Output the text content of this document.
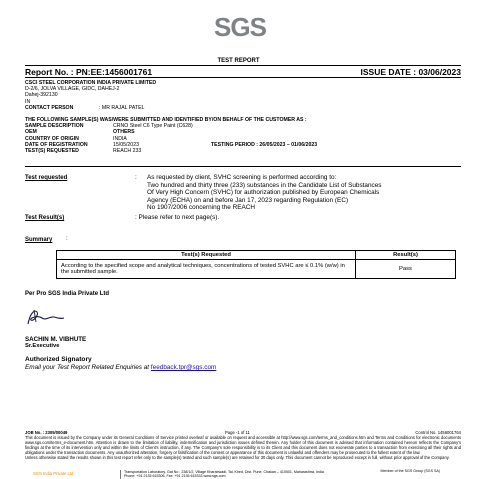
SGS
TEST REPORT
Report No. : PN:EE:1456001761	ISSUE DATE : 03/06/2023
CSCI STEEL CORPORATION INDIA PRIVATE LIMITED
D-2/6, JOLVA VILLAGE, GIDC, DAHEJ-2
Dahej-392130
IN
CONTACT PERSON	: MR RAJAL PATEL
THE FOLLOWING SAMPLE(S) WAS/WERE SUBMITTED AND IDENTIFIED BY/ON BEHALF OF THE CUSTOMER AS :
SAMPLE DESCRIPTION	CRNO Steel C6 Type Paint (C628)
OEM	OTHERS
COUNTRY OF ORIGIN	INDIA
DATE OF REGISTRATION	15/05/2023	TESTING PERIOD : 26/05/2023 – 01/06/2023
TEST(S) REQUESTED	REACH 233
Test requested	: As requested by client, SVHC screening is performed according to:
Two hundred and thirty three (233) substances in the Candidate List of Substances
Of Very High Concern (SVHC) for authorization published by European Chemicals
Agency (ECHA) on and before Jan 17, 2023 regarding Regulation (EC)
No 1907/2006 concerning the REACH
Test Result(s)	: Please refer to next page(s).
Summary :
Test(s) Requested	Result(s)
According to the specified scope and analytical techniques, concentrations of tested SVHC are ≤ 0.1% (w/w) in the submitted sample.	Pass
Per Pro SGS India Private Ltd
SACHIN M. VIBHUTE
Sr.Executive
Authorized Signatory
Email your Test Report Related Enquiries at feedback.tpr@sgs.com
JOB No. : 2305/00049	Page -1 of 11	Control No. 1456001764
This document is issued by the Company under its General Conditions of Service printed overleaf or available on request and accessible at http://www.sgs.com/terms_and_conditions.htm and Terms and Conditions for electronic documents www.sgs.com/terms_e-document.htm. Attention is drawn to the limitation of liability, indemnification and jurisdiction issues defined therein. Any holder of this document is advised that information contained hereon reflects the Company's findings at the time of its intervention only and within the limits of Client's instruction, if any. The Company's sole responsibility is to its Client and this document does not exonerate parties to a transaction from exercising all their rights and obligations under the transaction documents. Any unauthorized alteration, forgery or falsification of the content or appearance of this document is unlawful and offenders may be prosecuted to the fullest extent of the law.
Unless otherwise stated the results shown in this test report refer only to the sample(s) tested and such sample(s) are retained for 30 days only. This document cannot be reproduced except in full, without prior approval of the Company.
SGS India Private Ltd	Transportation Laboratory, Gat No : 238/1/2, Village Kharabwadi, Tal. Khed, Dist. Pune, Chakan – 410501, Maharashtra, India
Phone: +91 2135 615306, Fax: +91 2135 615333 www.sgs.com
Member of the SGS Group (SGS SA)
